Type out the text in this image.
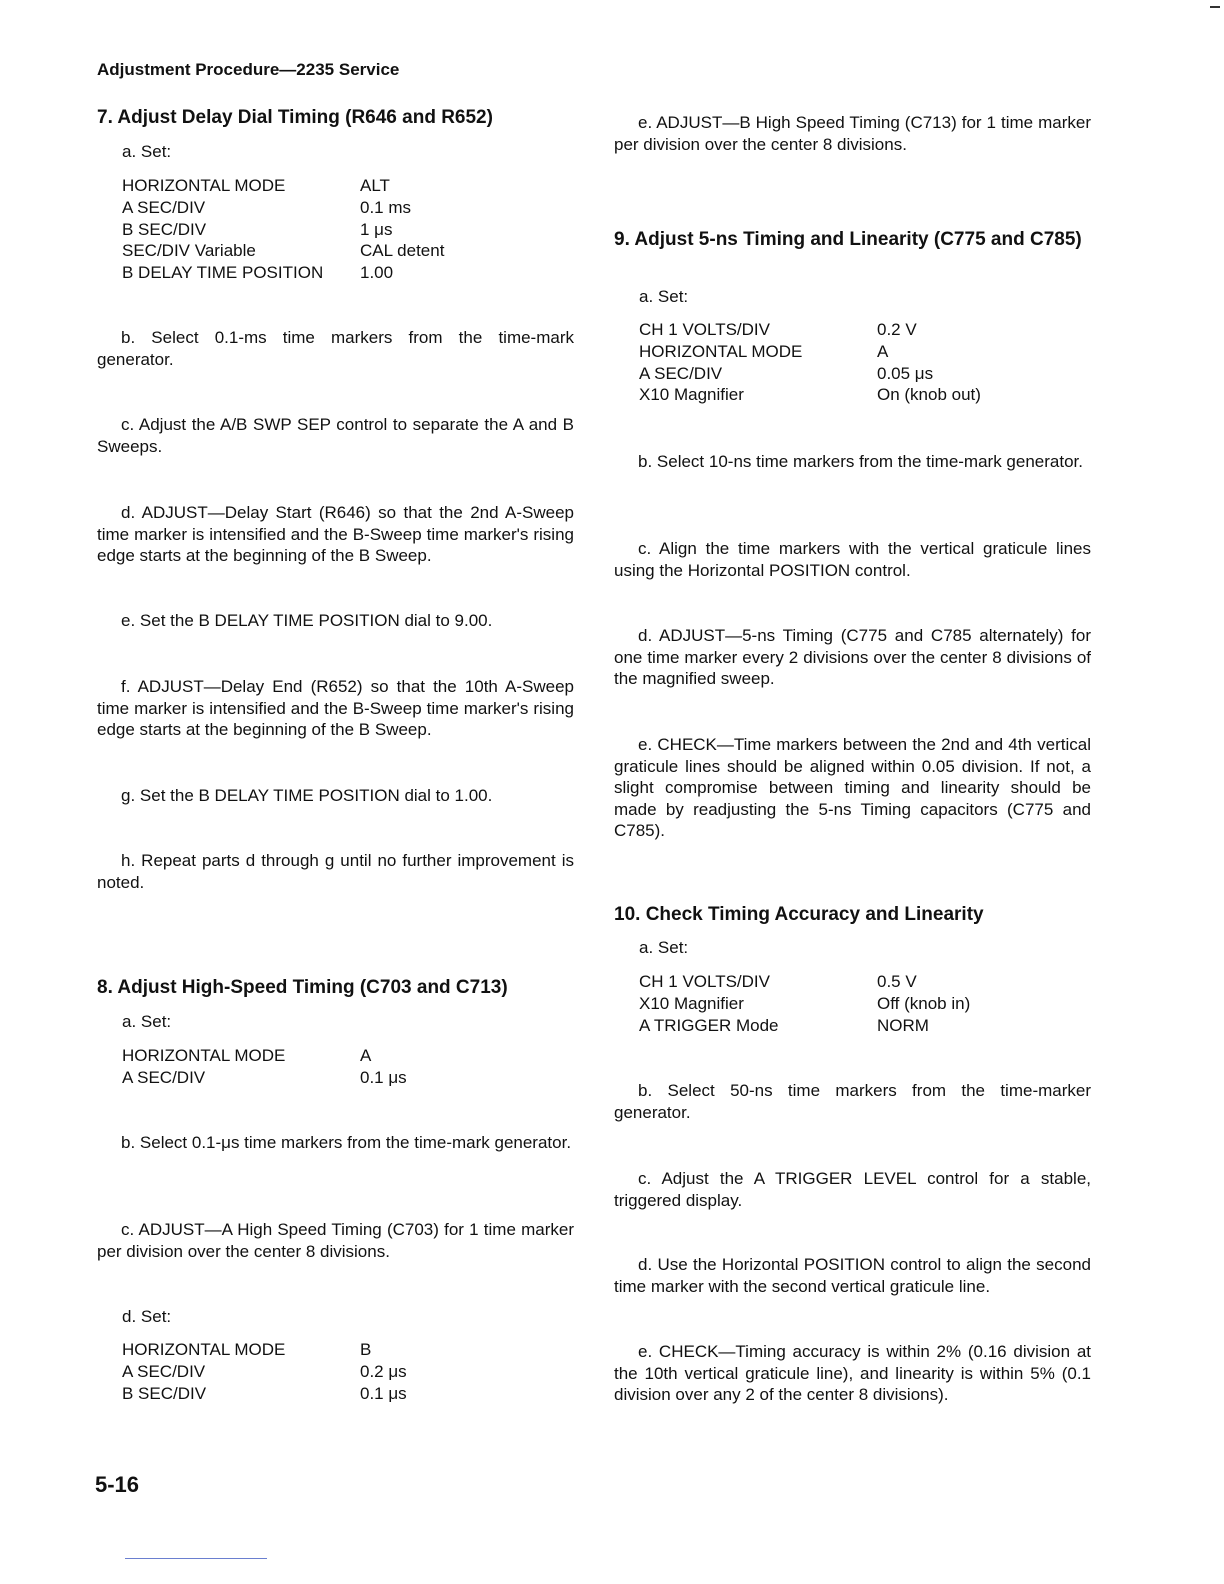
Adjustment Procedure—2235 Service
7. Adjust Delay Dial Timing (R646 and R652)
a. Set:
HORIZONTAL MODE	ALT
A SEC/DIV	0.1 ms
B SEC/DIV	1 μs
SEC/DIV Variable	CAL detent
B DELAY TIME POSITION	1.00
b. Select 0.1-ms time markers from the time-mark generator.
c. Adjust the A/B SWP SEP control to separate the A and B Sweeps.
d. ADJUST—Delay Start (R646) so that the 2nd A-Sweep time marker is intensified and the B-Sweep time marker's rising edge starts at the beginning of the B Sweep.
e. Set the B DELAY TIME POSITION dial to 9.00.
f. ADJUST—Delay End (R652) so that the 10th A-Sweep time marker is intensified and the B-Sweep time marker's rising edge starts at the beginning of the B Sweep.
g. Set the B DELAY TIME POSITION dial to 1.00.
h. Repeat parts d through g until no further improvement is noted.
8. Adjust High-Speed Timing (C703 and C713)
a. Set:
HORIZONTAL MODE	A
A SEC/DIV	0.1 μs
b. Select 0.1-μs time markers from the time-mark generator.
c. ADJUST—A High Speed Timing (C703) for 1 time marker per division over the center 8 divisions.
d. Set:
HORIZONTAL MODE	B
A SEC/DIV	0.2 μs
B SEC/DIV	0.1 μs
e. ADJUST—B High Speed Timing (C713) for 1 time marker per division over the center 8 divisions.
9. Adjust 5-ns Timing and Linearity (C775 and C785)
a. Set:
CH 1 VOLTS/DIV	0.2 V
HORIZONTAL MODE	A
A SEC/DIV	0.05 μs
X10 Magnifier	On (knob out)
b. Select 10-ns time markers from the time-mark generator.
c. Align the time markers with the vertical graticule lines using the Horizontal POSITION control.
d. ADJUST—5-ns Timing (C775 and C785 alternately) for one time marker every 2 divisions over the center 8 divisions of the magnified sweep.
e. CHECK—Time markers between the 2nd and 4th vertical graticule lines should be aligned within 0.05 division. If not, a slight compromise between timing and linearity should be made by readjusting the 5-ns Timing capacitors (C775 and C785).
10. Check Timing Accuracy and Linearity
a. Set:
CH 1 VOLTS/DIV	0.5 V
X10 Magnifier	Off (knob in)
A TRIGGER Mode	NORM
b. Select 50-ns time markers from the time-marker generator.
c. Adjust the A TRIGGER LEVEL control for a stable, triggered display.
d. Use the Horizontal POSITION control to align the second time marker with the second vertical graticule line.
e. CHECK—Timing accuracy is within 2% (0.16 division at the 10th vertical graticule line), and linearity is within 5% (0.1 division over any 2 of the center 8 divisions).
5-16
